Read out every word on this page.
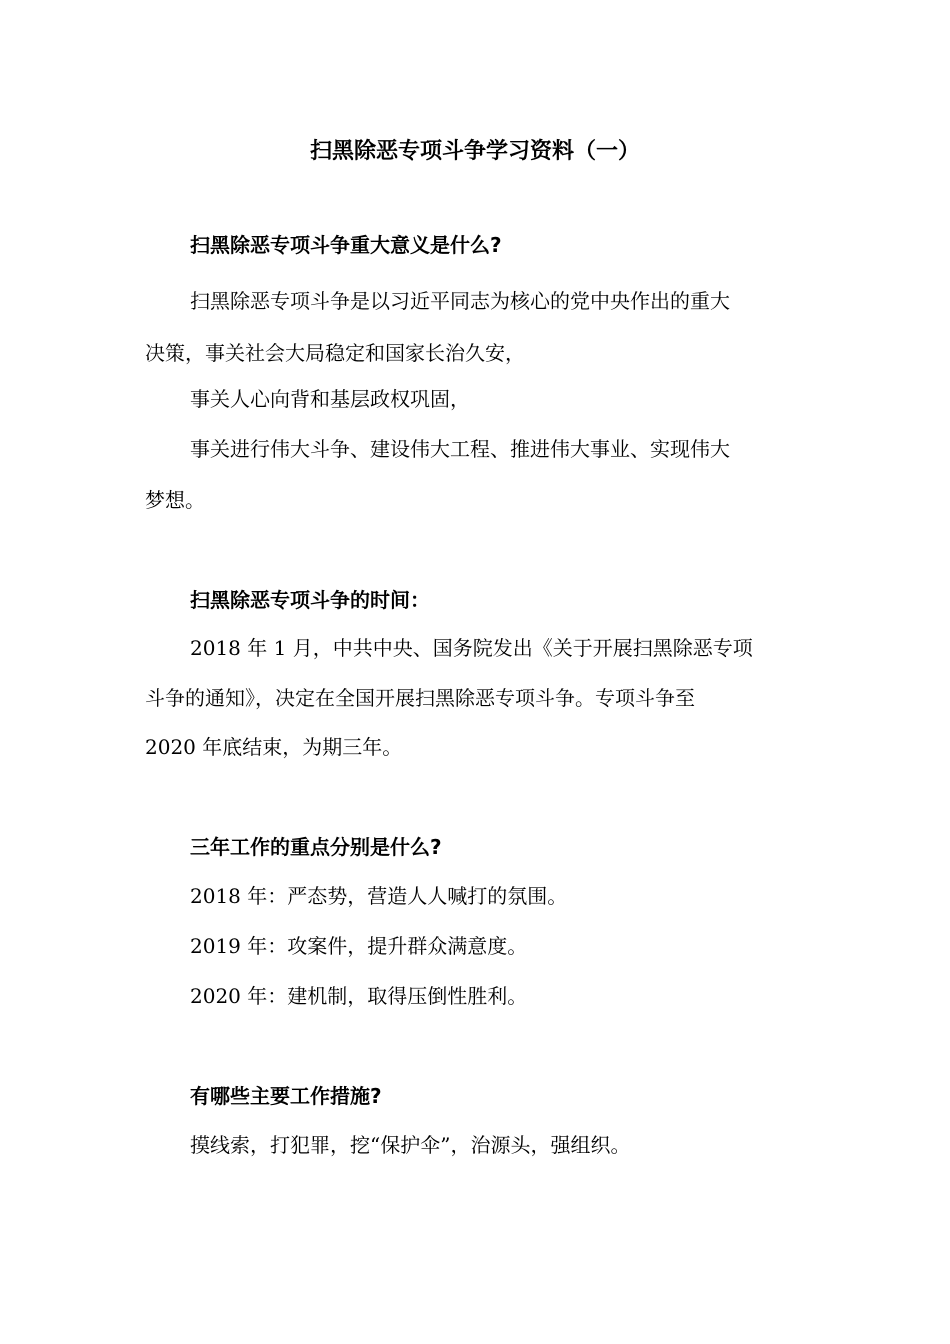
扫黑除恶专项斗争学习资料（一）
扫黑除恶专项斗争重大意义是什么?
扫黑除恶专项斗争是以习近平同志为核心的党中央作出的重大
决策，事关社会大局稳定和国家长治久安，
事关人心向背和基层政权巩固，
事关进行伟大斗争、建设伟大工程、推进伟大事业、实现伟大
梦想。
扫黑除恶专项斗争的时间：
2018 年 1 月，中共中央、国务院发出《关于开展扫黑除恶专项
斗争的通知》，决定在全国开展扫黑除恶专项斗争。专项斗争至
2020 年底结束，为期三年。
三年工作的重点分别是什么?
2018 年：严态势，营造人人喊打的氛围。
2019 年：攻案件，提升群众满意度。
2020 年：建机制，取得压倒性胜利。
有哪些主要工作措施?
摸线索，打犯罪，挖“保护伞”，治源头，强组织。
